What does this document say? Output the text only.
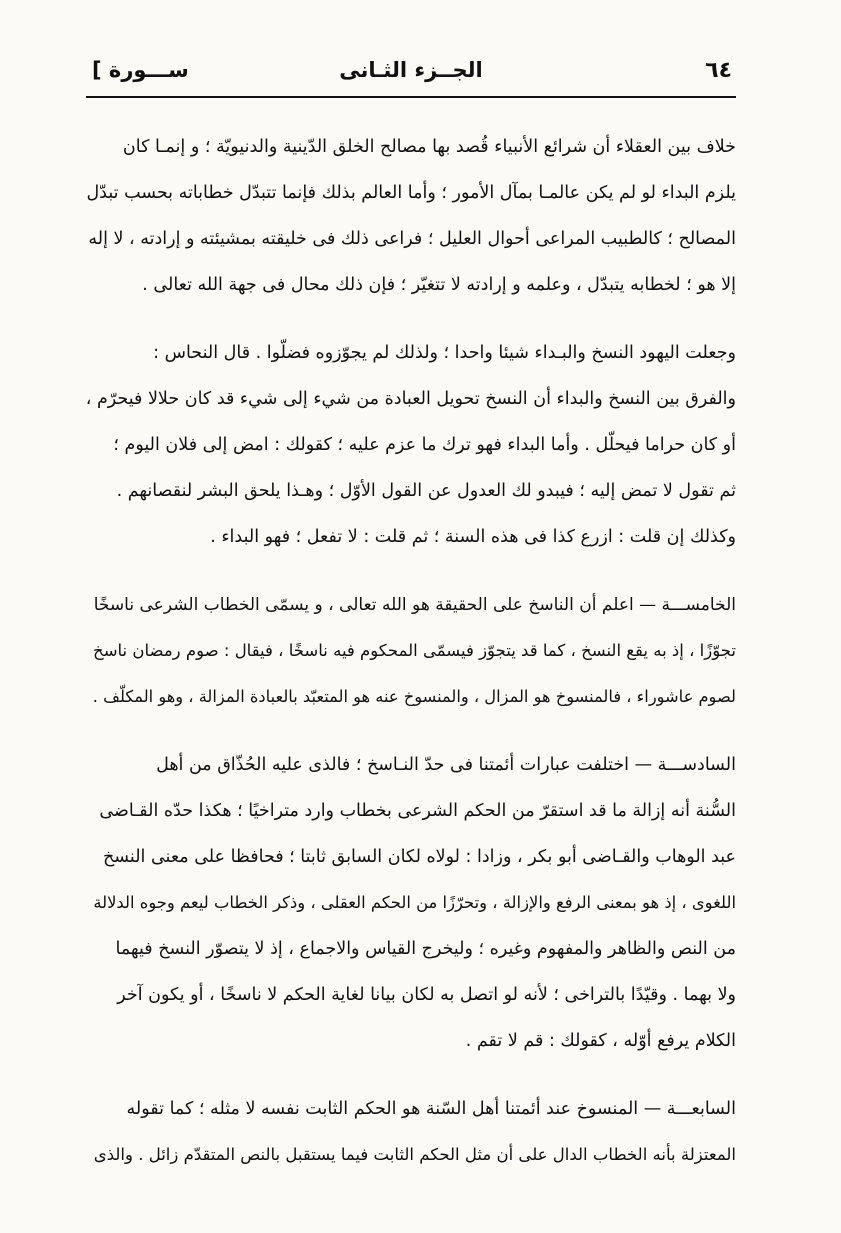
٦٤
الجــزء الثـانى
[ ســـورة
خلاف بين العقلاء أن شرائع الأنبياء قُصد بها مصالح الخلق الدّينية والدنيويّة ؛ و إنمـا كان
يلزم البداء لو لم يكن عالمـا بمآل الأمور ؛ وأما العالم بذلك فإنما تتبدّل خطاباته بحسب تبدّل
المصالح ؛ كالطبيب المراعى أحوال العليل ؛ فراعى ذلك فى خليقته بمشيئته و إرادته ، لا إله
إلا هو ؛ لخطابه يتبدّل ، وعلمه و إرادته لا تتغيّر ؛ فإن ذلك محال فى جهة الله تعالى .
وجعلت اليهود النسخ والبـداء شيئا واحدا ؛ ولذلك لم يجوّزوه فضلّوا . قال النحاس :
والفرق بين النسخ والبداء أن النسخ تحويل العبادة من شيء إلى شيء قد كان حلالا فيحرّم ،
أو كان حراما فيحلّل . وأما البداء فهو ترك ما عزم عليه ؛ كقولك : امض إلى فلان اليوم ؛
ثم تقول لا تمض إليه ؛ فيبدو لك العدول عن القول الأوّل ؛ وهـذا يلحق البشر لنقصانهم .
وكذلك إن قلت : ازرع كذا فى هذه السنة ؛ ثم قلت : لا تفعل ؛ فهو البداء .
الخامســـة — اعلم أن الناسخ على الحقيقة هو الله تعالى ، و يسمّى الخطاب الشرعى ناسخًا
تجوّزًا ، إذ به يقع النسخ ، كما قد يتجوّز فيسمّى المحكوم فيه ناسخًا ، فيقال : صوم رمضان ناسخ
لصوم عاشوراء ، فالمنسوخ هو المزال ، والمنسوخ عنه هو المتعبّد بالعبادة المزالة ، وهو المكلّف .
السادســـة — اختلفت عبارات أئمتنا فى حدّ النـاسخ ؛ فالذى عليه الحُذّاق من أهل
السُّنة أنه إزالة ما قد استقرّ من الحكم الشرعى بخطاب وارد متراخيًا ؛ هكذا حدّه القـاضى
عبد الوهاب والقـاضى أبو بكر ، وزادا : لولاه لكان السابق ثابتا ؛ فحافظا على معنى النسخ
اللغوى ، إذ هو بمعنى الرفع والإزالة ، وتحرّزًا من الحكم العقلى ، وذكر الخطاب ليعم وجوه الدلالة
من النص والظاهر والمفهوم وغيره ؛ وليخرج القياس والاجماع ، إذ لا يتصوّر النسخ فيهما
ولا بهما . وقيّدًا بالتراخى ؛ لأنه لو اتصل به لكان بيانا لغاية الحكم لا ناسخًا ، أو يكون آخر
الكلام يرفع أوّله ، كقولك : قم لا تقم .
السابعـــة — المنسوخ عند أئمتنا أهل السّنة هو الحكم الثابت نفسه لا مثله ؛ كما تقوله
المعتزلة بأنه الخطاب الدال على أن مثل الحكم الثابت فيما يستقبل بالنص المتقدّم زائل . والذى
